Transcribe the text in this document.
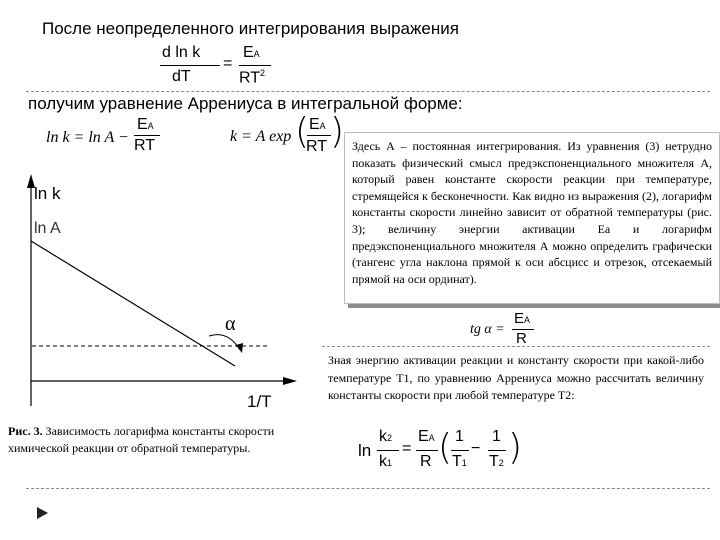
После неопределенного интегрирования выражения
d ln k
dT
=
EA
$RT^2$
получим уравнение Аррениуса в интегральной форме:
ln k = ln A −
EA
RT
k = A exp ( EA
RT ) Здесь А – постоянная интегрирования. Из уравнения (3) нетрудно показать физический смысл предэкспоненциального множителя А, который равен константе скорости реакции при температуре, стремящейся к бесконечности. Как видно из выражения (2), логарифм константы скорости линейно зависит от обратной температуры (рис. 3); величину энергии активации Еа и логарифм предэкспоненциального множителя А можно определить графически (тангенс угла наклона прямой к оси абсцисс и отрезок, отсекаемый прямой на оси ординат).

ln k
ln A
α
1/T
tg α =
EA
R

Зная энергию активации реакции и константу скорости при какой-либо температуре Т1, по уравнению Аррениуса можно рассчитать величину константы скорости при любой температуре Т2:

Рис. 3. Зависимость логарифма константы скорости химической реакции от обратной температуры.	ln
k2
k1
=
EA
R ( 1
T1
−
1
T2 )
